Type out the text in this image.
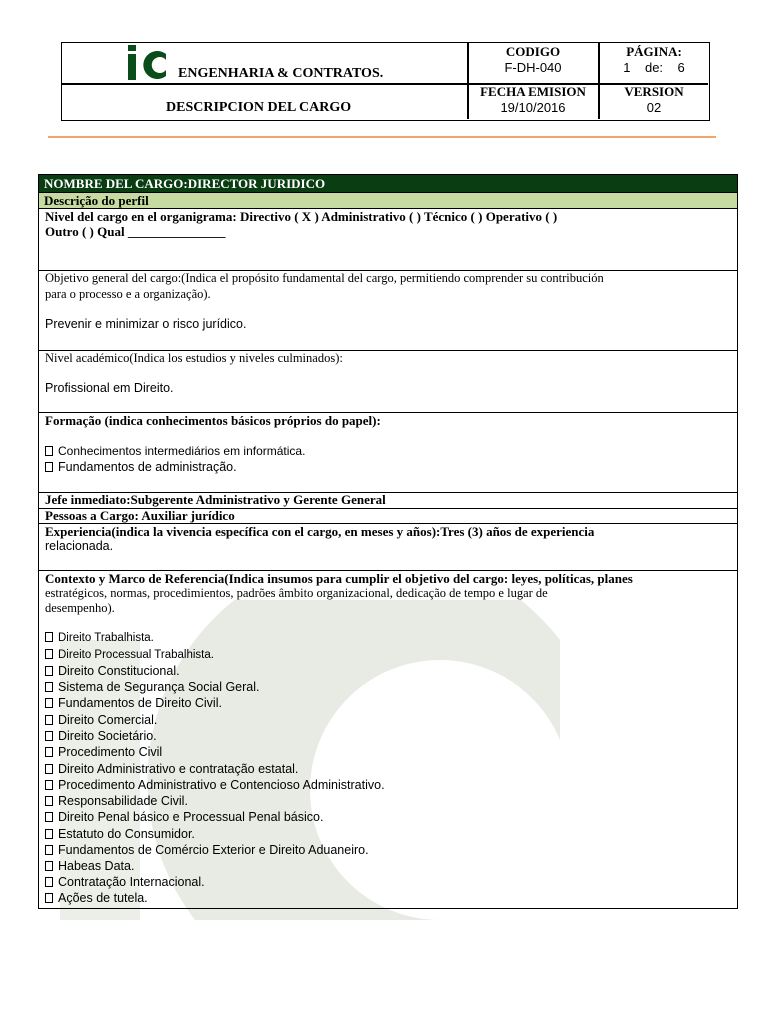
& ENGENHARIA & CONTRATOS.
DESCRIPCION DEL CARGO
CODIGO
F-DH-040
PÁGINA:
1    de:    6
FECHA EMISION
19/10/2016
VERSION
02
NOMBRE DEL CARGO:DIRECTOR JURIDICO
Descrição do perfil
Nivel del cargo en el organigrama: Directivo ( X ) Administrativo ( ) Técnico ( ) Operativo ( )
Outro ( ) Qual _______________
Objetivo general del cargo:(Indica el propósito fundamental del cargo, permitiendo comprender su contribución
para o processo e a organização).
Prevenir e minimizar o risco jurídico.
Nivel académico(Indica los estudios y niveles culminados):
Profissional em Direito.
Formação (indica conhecimentos básicos próprios do papel):
Conhecimentos intermediários em informática.
Fundamentos de administração.
Jefe inmediato:Subgerente Administrativo y Gerente General
Pessoas a Cargo: Auxiliar jurídico
Experiencia(indica la vivencia específica con el cargo, en meses y años):Tres (3) años de experiencia
relacionada.
Contexto y Marco de Referencia(Indica insumos para cumplir el objetivo del cargo: leyes, políticas, planes
estratégicos, normas, procedimientos, padrões âmbito organizacional, dedicação de tempo e lugar de
desempenho).
Direito Trabalhista.
Direito Processual Trabalhista.
Direito Constitucional.
Sistema de Segurança Social Geral.
Fundamentos de Direito Civil.
Direito Comercial.
Direito Societário.
Procedimento Civil
Direito Administrativo e contratação estatal.
Procedimento Administrativo e Contencioso Administrativo.
Responsabilidade Civil.
Direito Penal básico e Processual Penal básico.
Estatuto do Consumidor.
Fundamentos de Comércio Exterior e Direito Aduaneiro.
Habeas Data.
Contratação Internacional.
Ações de tutela.
